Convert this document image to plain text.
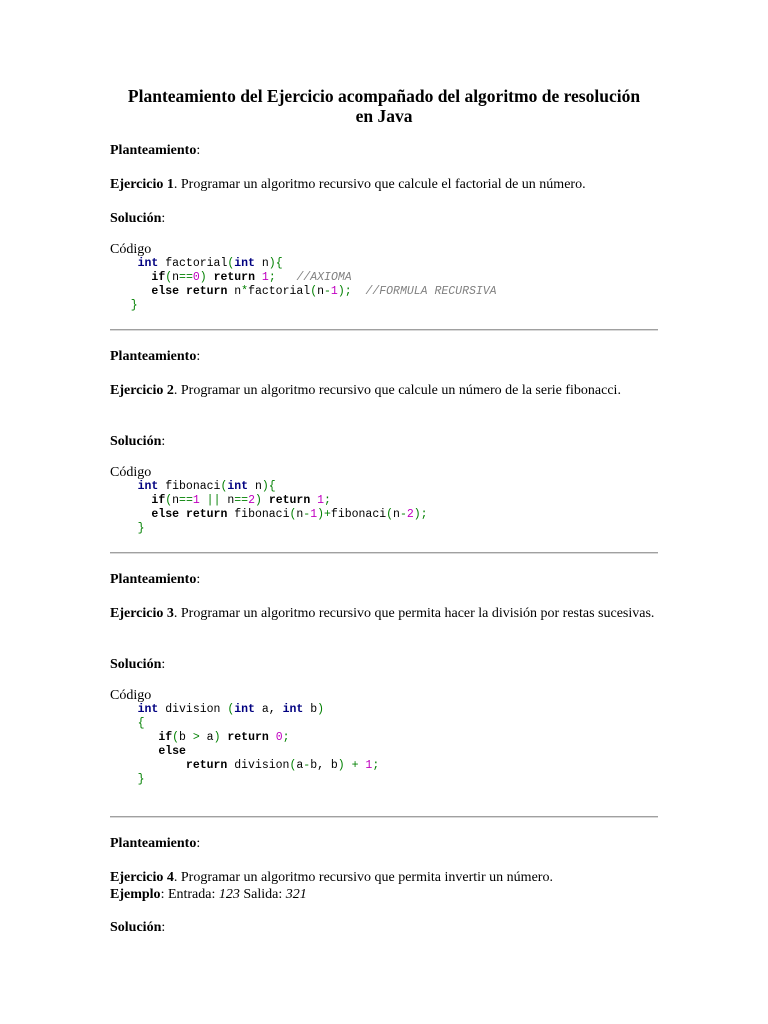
Planteamiento del Ejercicio acompañado del algoritmo de resolución
en Java
Planteamiento:
Ejercicio 1. Programar un algoritmo recursivo que calcule el factorial de un número.
Solución:
Código
int factorial(int n){
if(n==0) return 1; //AXIOMA
else return n*factorial(n-1); //FORMULA RECURSIVA
}
Planteamiento:
Ejercicio 2. Programar un algoritmo recursivo que calcule un número de la serie fibonacci.
Solución:
Código
int fibonaci(int n){
if(n==1 || n==2) return 1;
else return fibonaci(n-1)+fibonaci(n-2);
}
Planteamiento:
Ejercicio 3. Programar un algoritmo recursivo que permita hacer la división por restas sucesivas.
Solución:
Código
int division (int a, int b)
{
if(b > a) return 0;
else
return division(a-b, b) + 1;
}
Planteamiento:
Ejercicio 4. Programar un algoritmo recursivo que permita invertir un número.
Ejemplo: Entrada: 123 Salida: 321
Solución:
